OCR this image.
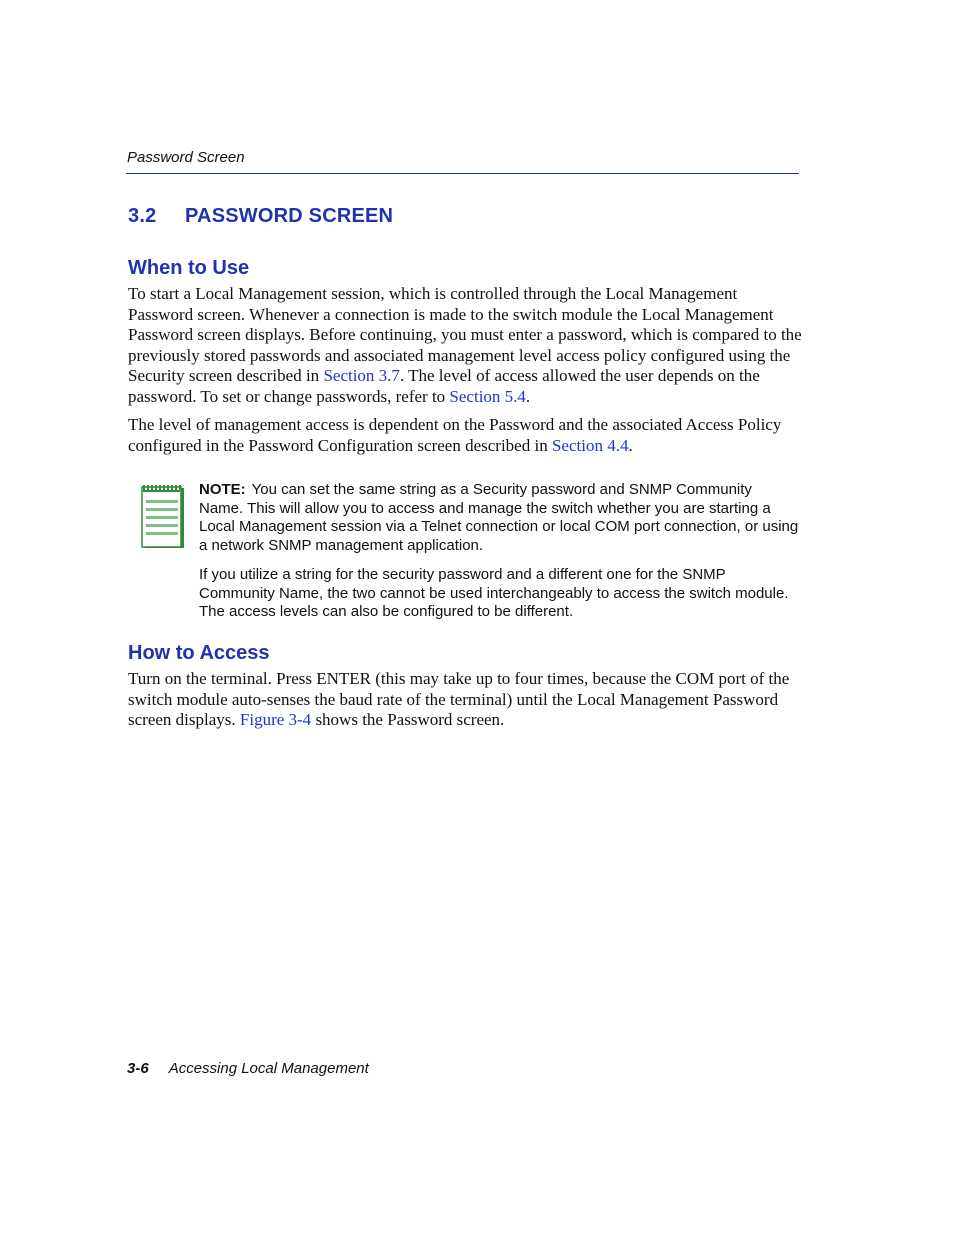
Password Screen
3.2 PASSWORD SCREEN
When to Use
To start a Local Management session, which is controlled through the Local Management Password screen. Whenever a connection is made to the switch module the Local Management Password screen displays. Before continuing, you must enter a password, which is compared to the previously stored passwords and associated management level access policy configured using the Security screen described in Section 3.7. The level of access allowed the user depends on the password. To set or change passwords, refer to Section 5.4.
The level of management access is dependent on the Password and the associated Access Policy configured in the Password Configuration screen described in Section 4.4.
NOTE: You can set the same string as a Security password and SNMP Community Name. This will allow you to access and manage the switch whether you are starting a Local Management session via a Telnet connection or local COM port connection, or using a network SNMP management application.
If you utilize a string for the security password and a different one for the SNMP Community Name, the two cannot be used interchangeably to access the switch module. The access levels can also be configured to be different.
How to Access
Turn on the terminal. Press ENTER (this may take up to four times, because the COM port of the switch module auto-senses the baud rate of the terminal) until the Local Management Password screen displays. Figure 3-4 shows the Password screen.
3-6 Accessing Local Management
